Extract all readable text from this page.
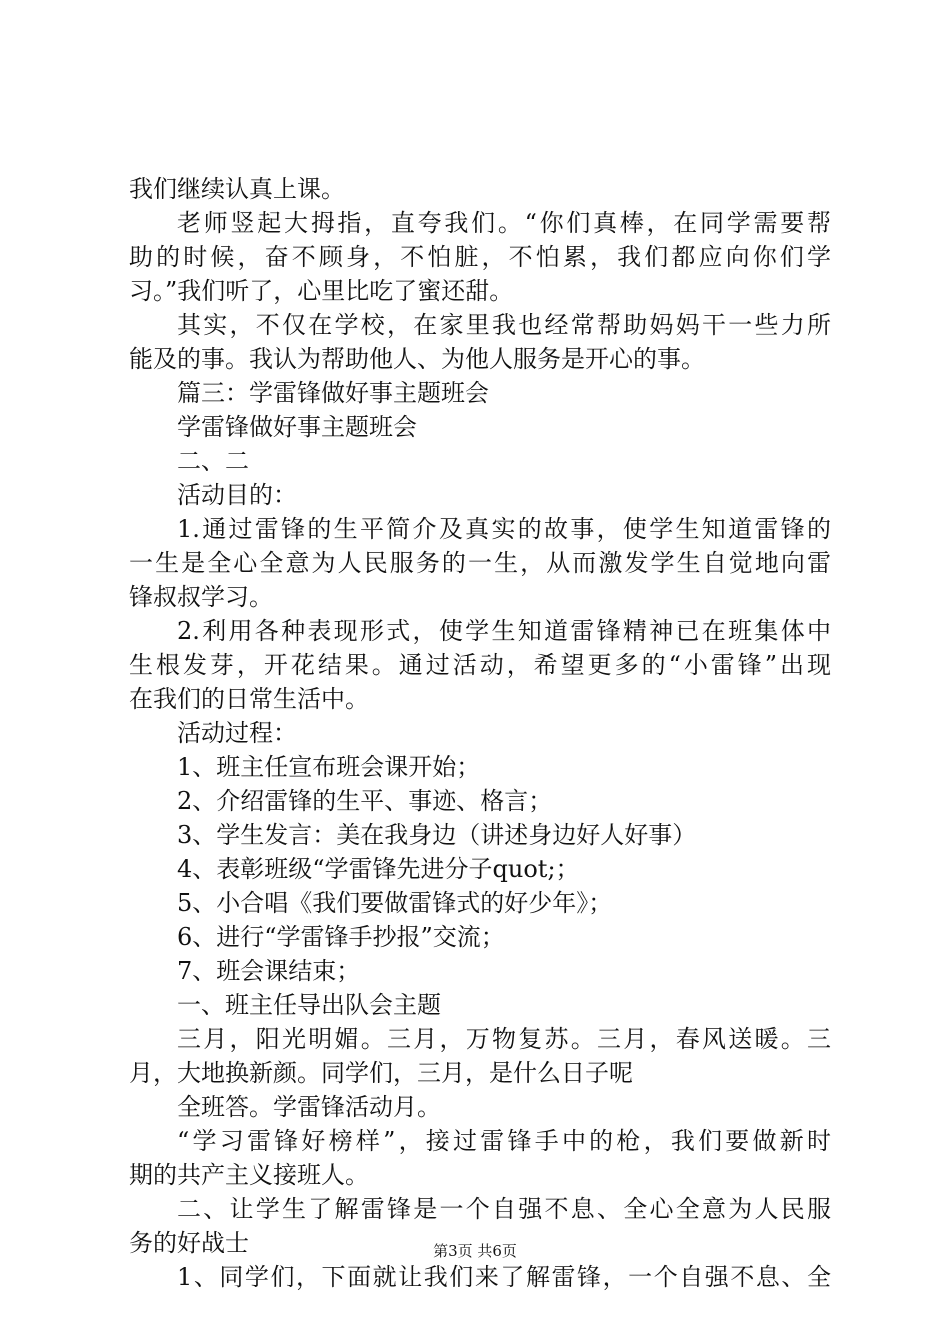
我们继续认真上课。
老师竖起大拇指，直夸我们。“你们真棒，在同学需要帮
助的时候，奋不顾身，不怕脏，不怕累，我们都应向你们学
习。”我们听了，心里比吃了蜜还甜。
其实，不仅在学校，在家里我也经常帮助妈妈干一些力所
能及的事。我认为帮助他人、为他人服务是开心的事。
篇三：学雷锋做好事主题班会
学雷锋做好事主题班会
二、二
活动目的：
1.通过雷锋的生平简介及真实的故事，使学生知道雷锋的
一生是全心全意为人民服务的一生，从而激发学生自觉地向雷
锋叔叔学习。
2.利用各种表现形式，使学生知道雷锋精神已在班集体中
生根发芽，开花结果。通过活动，希望更多的“小雷锋”出现
在我们的日常生活中。
活动过程：
1、班主任宣布班会课开始；
2、介绍雷锋的生平、事迹、格言；
3、学生发言：美在我身边（讲述身边好人好事）
4、表彰班级“学雷锋先进分子quot;；
5、小合唱《我们要做雷锋式的好少年》；
6、进行“学雷锋手抄报”交流；
7、班会课结束；
一、班主任导出队会主题
三月，阳光明媚。三月，万物复苏。三月，春风送暖。三
月，大地换新颜。同学们，三月，是什么日子呢
全班答。学雷锋活动月。
“学习雷锋好榜样”，接过雷锋手中的枪，我们要做新时
期的共产主义接班人。
二、让学生了解雷锋是一个自强不息、全心全意为人民服
务的好战士
1、同学们，下面就让我们来了解雷锋，一个自强不息、全
第3页 共6页
